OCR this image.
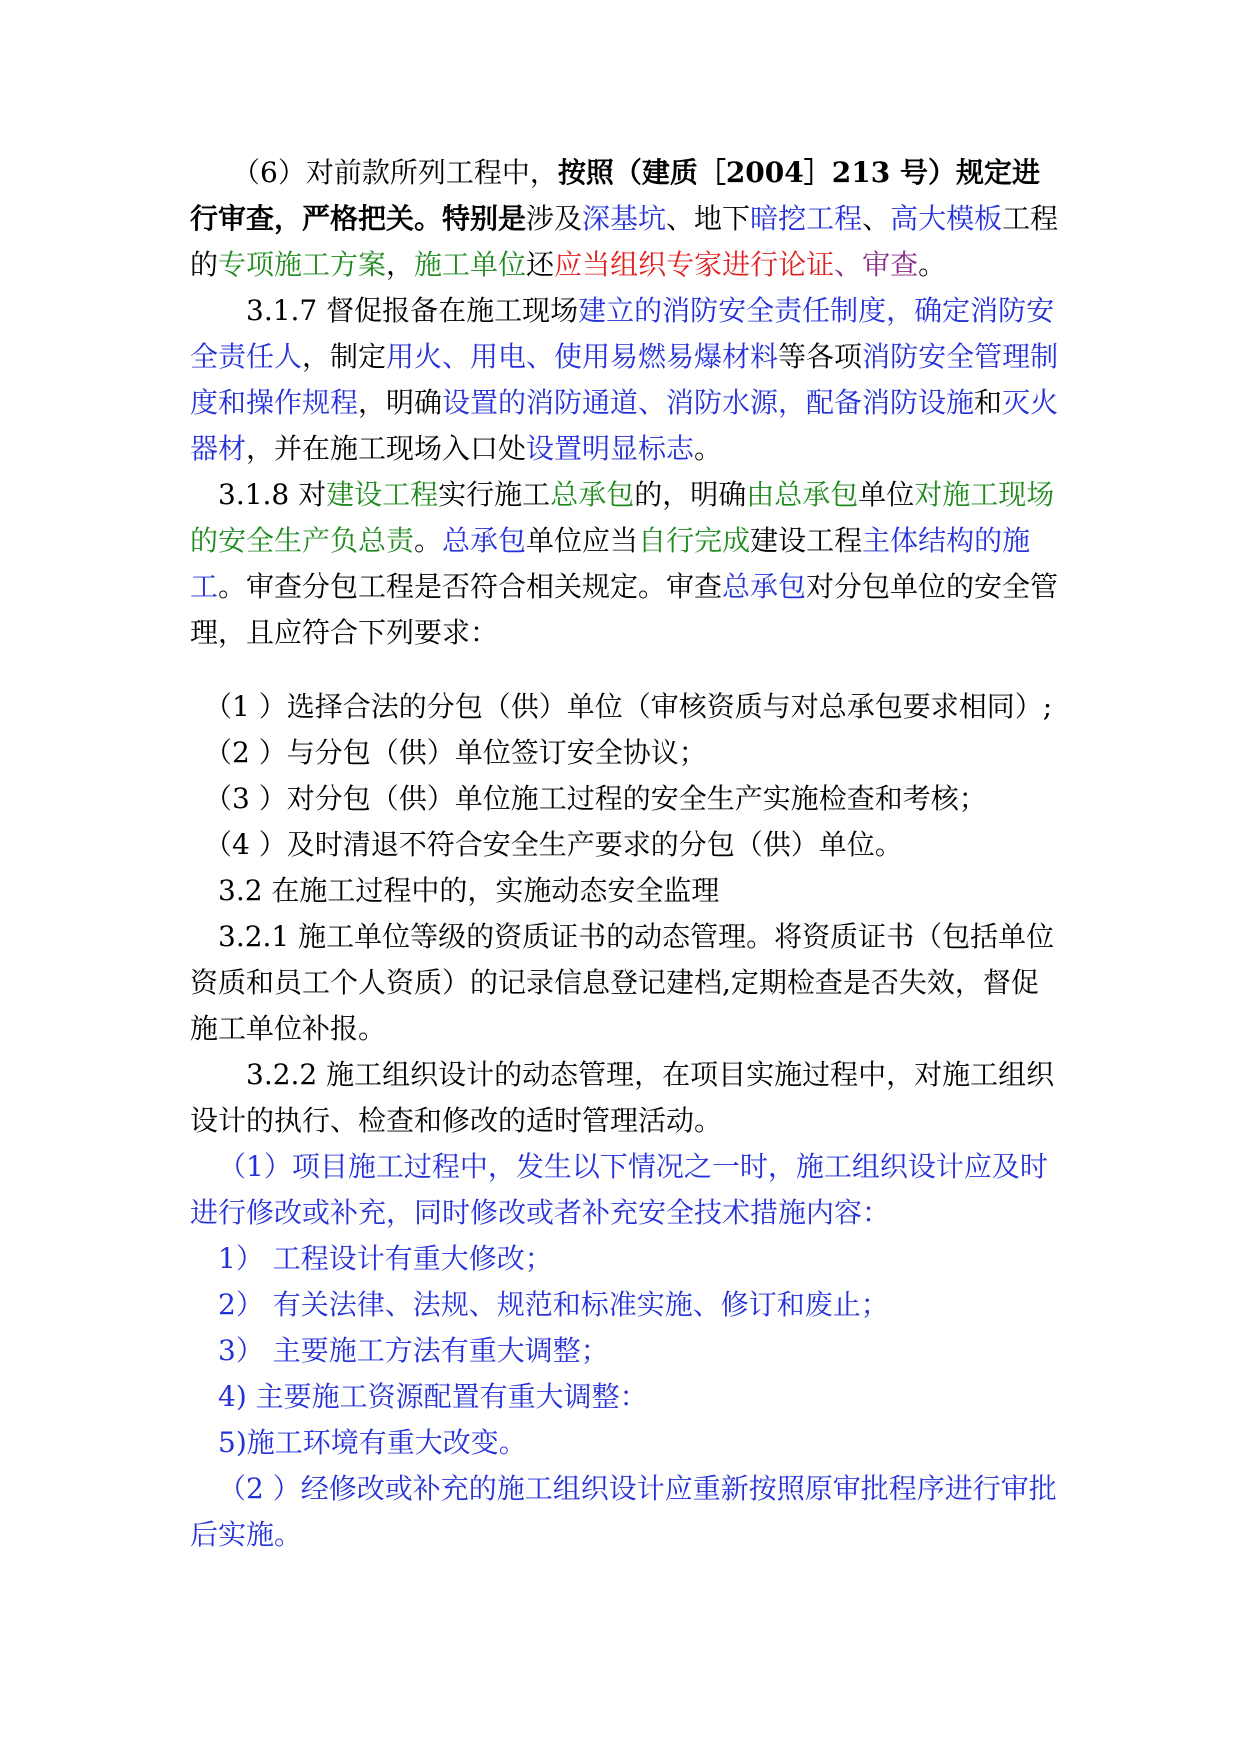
　（6）对前款所列工程中，按照（建质［2004］213 号）规定进行审查，严格把关。特别是涉及深基坑、地下暗挖工程、高大模板工程的专项施工方案，施工单位还应当组织专家进行论证、审查。

　3.1.7 督促报备在施工现场建立的消防安全责任制度，确定消防安全责任人，制定用火、用电、使用易燃易爆材料等各项消防安全管理制度和操作规程，明确设置的消防通道、消防水源，配备消防设施和灭火器材，并在施工现场入口处设置明显标志。

3.1.8 对建设工程实行施工总承包的，明确由总承包单位对施工现场的安全生产负总责。总承包单位应当自行完成建设工程主体结构的施工。审查分包工程是否符合相关规定。审查总承包对分包单位的安全管理，且应符合下列要求：

（1 ）选择合法的分包（供）单位（审核资质与对总承包要求相同）;

（2 ）与分包（供）单位签订安全协议；

（3 ）对分包（供）单位施工过程的安全生产实施检查和考核；

（4 ）及时清退不符合安全生产要求的分包（供）单位。

3.2 在施工过程中的，实施动态安全监理

3.2.1 施工单位等级的资质证书的动态管理。将资质证书（包括单位资质和员工个人资质）的记录信息登记建档,定期检查是否失效，督促施工单位补报。

　3.2.2 施工组织设计的动态管理，在项目实施过程中，对施工组织设计的执行、检查和修改的适时管理活动。

（1）项目施工过程中，发生以下情况之一时，施工组织设计应及时进行修改或补充，同时修改或者补充安全技术措施内容：

1） 工程设计有重大修改；

2） 有关法律、法规、规范和标准实施、修订和废止；

3） 主要施工方法有重大调整；

4) 主要施工资源配置有重大调整：

5)施工环境有重大改变。

（2 ）经修改或补充的施工组织设计应重新按照原审批程序进行审批后实施。
